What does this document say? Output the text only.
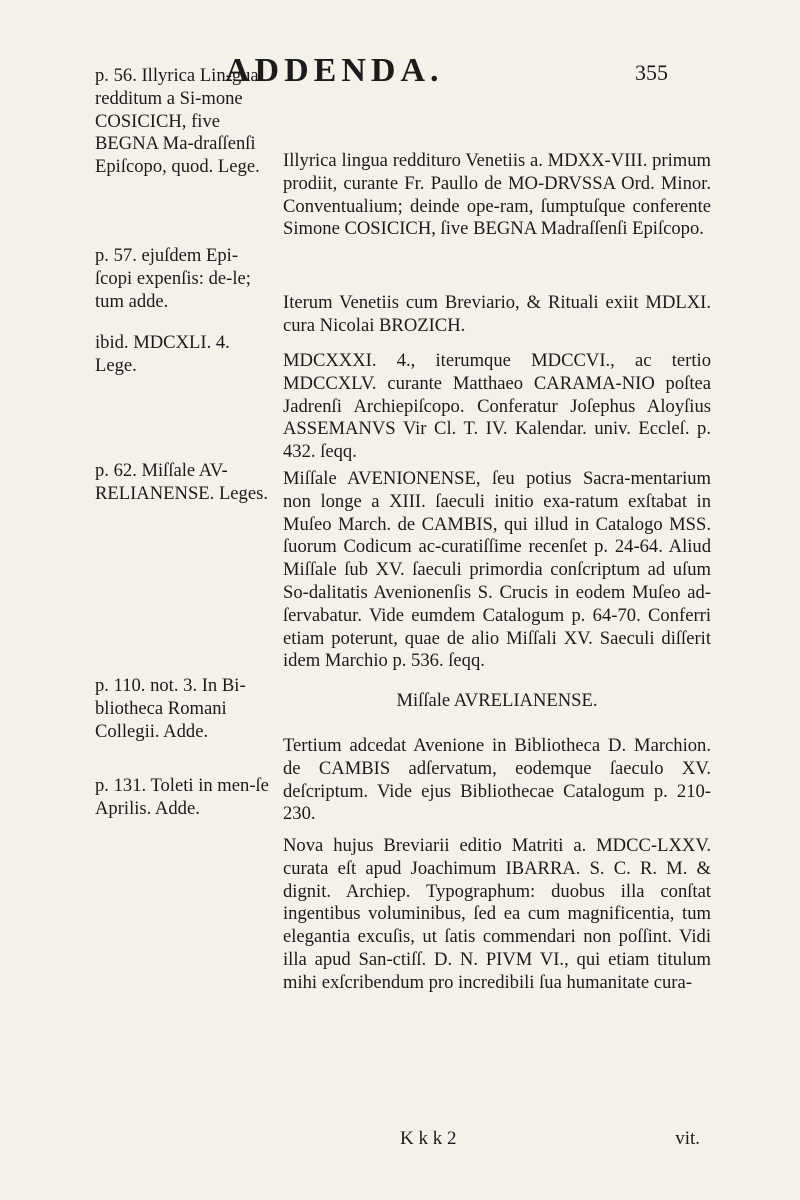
ADDENDA.	355

p. 56. Illyrica Lin-gua redditum a Si-mone COSICICH, five BEGNA Ma-draſſenſi Epiſcopo, quod. Lege.

p. 57. ejuſdem Epi-ſcopi expenſis: de-le; tum adde.

ibid. MDCXLI. 4. Lege.

p. 62. Miſſale AV-RELIANENSE. Leges.

p. 110. not. 3. In Bi-bliotheca Romani Collegii. Adde.

p. 131. Toleti in men-ſe Aprilis. Adde.

Illyrica lingua reddituro Venetiis a. MDXX-VIII. primum prodiit, curante Fr. Paullo de MO-DRVSSA Ord. Minor. Conventualium; deinde ope-ram, ſumptuſque conferente Simone COSICICH, ſive BEGNA Madraſſenſi Epiſcopo.

Iterum Venetiis cum Breviario, & Rituali exiit MDLXI. cura Nicolai BROZICH.

MDCXXXI. 4., iterumque MDCCVI., ac tertio MDCCXLV. curante Matthaeo CARAMA-NIO poſtea Jadrenſi Archiepiſcopo. Conferatur Joſephus Aloyſius ASSEMANVS Vir Cl. T. IV. Kalendar. univ. Ecclеſ. p. 432. ſeqq.

Miſſale AVENIONENSE, ſeu potius Sacra-mentarium non longe a XIII. ſaeculi initio exa-ratum exſtabat in Muſeo March. de CAMBIS, qui illud in Catalogo MSS. ſuorum Codicum ac-curatiſſime recenſet p. 24-64. Aliud Miſſale ſub XV. ſaeculi primordia conſcriptum ad uſum So-dalitatis Avenionenſis S. Crucis in eodem Muſeo ad-ſervabatur. Vide eumdem Catalogum p. 64-70. Conferri etiam poterunt, quae de alio Miſſali XV. Saeculi diſſerit idem Marchio p. 536. ſeqq.

Miſſale AVRELIANENSE.

Tertium adcedat Avenione in Bibliotheca D. Marchion. de CAMBIS adſervatum, eodemque ſaeculo XV. deſcriptum. Vide ejus Bibliothecae Catalogum p. 210-230.

Nova hujus Breviarii editio Matriti a. MDCC-LXXV. curata eſt apud Joachimum IBARRA. S. C. R. M. & dignit. Archiep. Typographum: duobus illa conſtat ingentibus voluminibus, ſed ea cum magnificentia, tum elegantia excuſis, ut ſatis commendari non poſſint. Vidi illa apud San-ctiſſ. D. N. PIVM VI., qui etiam titulum mihi exſcribendum pro incredibili ſua humanitate cura-

K k k 2	vit.
